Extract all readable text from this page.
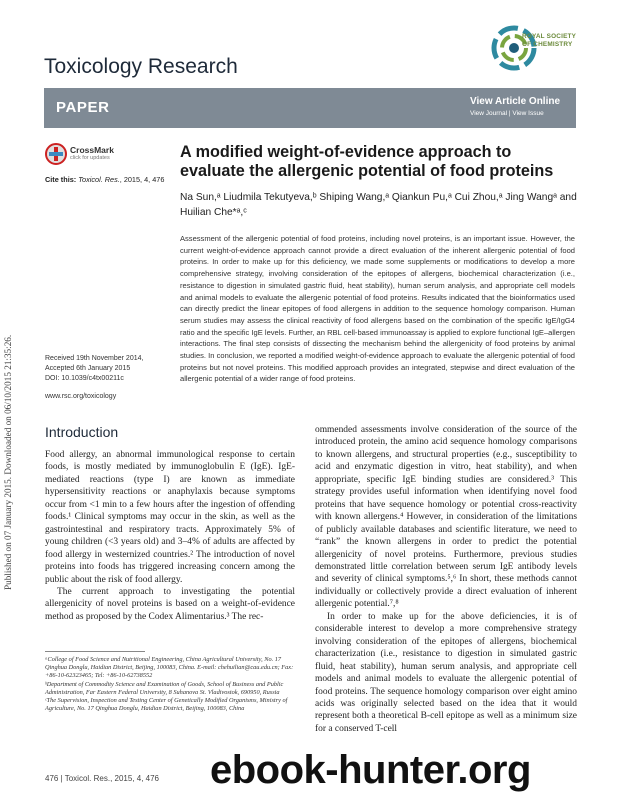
Published on 07 January 2015. Downloaded on 06/10/2015 21:35:26.
Toxicology Research
ROYAL SOCIETY
OF CHEMISTRY
PAPER	View Article Online
View Journal | View Issue
CrossMark
click for updates
Cite this: Toxicol. Res., 2015, 4, 476
A modified weight-of-evidence approach to evaluate the allergenic potential of food proteins
Na Sun,ᵃ Liudmila Tekutyeva,ᵇ Shiping Wang,ᵃ Qiankun Pu,ᵃ Cui Zhou,ᵃ Jing Wangᵃ and Huilian Che*ᵃ,ᶜ
Assessment of the allergenic potential of food proteins, including novel proteins, is an important issue. However, the current weight-of-evidence approach cannot provide a direct evaluation of the inherent allergenic potential of food proteins. In order to make up for this deficiency, we made some supplements or modifications to develop a more comprehensive strategy, involving consideration of the epitopes of allergens, biochemical characterization (i.e., resistance to digestion in simulated gastric fluid, heat stability), human serum analysis, and appropriate cell models and animal models to evaluate the allergenic potential of food proteins. Results indicated that the bioinformatics used can directly predict the linear epitopes of food allergens in addition to the sequence homology comparison. Human serum studies may assess the clinical reactivity of food allergens based on the combination of the specific IgE/IgG4 ratio and the specific IgE levels. Further, an RBL cell-based immunoassay is applied to explore functional IgE–allergen interactions. The final step consists of dissecting the mechanism behind the allergenicity of food proteins by animal studies. In conclusion, we reported a modified weight-of-evidence approach to evaluate the allergenic potential of food proteins but not novel proteins. This modified approach provides an integrated, stepwise and direct evaluation of the allergenic potential of a wider range of food proteins.
Received 19th November 2014,
Accepted 6th January 2015
DOI: 10.1039/c4tx00211c
www.rsc.org/toxicology
Introduction

Food allergy, an abnormal immunological response to certain foods, is mostly mediated by immunoglobulin E (IgE). IgE-mediated reactions (type I) are known as immediate hypersensitivity reactions or anaphylaxis because symptoms occur from <1 min to a few hours after the ingestion of offending foods.¹ Clinical symptoms may occur in the skin, as well as the gastrointestinal and respiratory tracts. Approximately 5% of young children (<3 years old) and 3–4% of adults are affected by food allergy in westernized countries.² The introduction of novel proteins into foods has triggered increasing concern among the public about the risk of food allergy.

The current approach to investigating the potential allergenicity of novel proteins is based on a weight-of-evidence method as proposed by the Codex Alimentarius.³ The rec-

ommended assessments involve consideration of the source of the introduced protein, the amino acid sequence homology comparisons to known allergens, and structural properties (e.g., susceptibility to acid and enzymatic digestion in vitro, heat stability), and when appropriate, specific IgE binding studies are considered.³ This strategy provides useful information when identifying novel food proteins that have sequence homology or potential cross-reactivity with known allergens.⁴ However, in consideration of the limitations of publicly available databases and scientific literature, we need to “rank” the known allergens in order to predict the potential allergenicity of novel proteins. Furthermore, previous studies demonstrated little correlation between serum IgE antibody levels and severity of clinical symptoms.⁵,⁶ In short, these methods cannot individually or collectively provide a direct evaluation of inherent allergenic potential.⁷,⁸

In order to make up for the above deficiencies, it is of considerable interest to develop a more comprehensive strategy involving consideration of the epitopes of allergens, biochemical characterization (i.e., resistance to digestion in simulated gastric fluid, heat stability), human serum analysis, and appropriate cell models and animal models to evaluate the allergenic potential of food proteins. The sequence homology comparison over eight amino acids was originally selected based on the idea that it would represent both a theoretical B-cell epitope as well as a minimum size for a conserved T-cell

ᵃCollege of Food Science and Nutritional Engineering, China Agricultural University, No. 17 Qinghua Donglu, Haidian District, Beijing, 100083, China. E-mail: chehuilian@cau.edu.cn; Fax: +86-10-62323465; Tel: +86-10-62738552
ᵇDepartment of Commodity Science and Examination of Goods, School of Business and Public Administration, Far Eastern Federal University, 8 Suhanova St. Vladivostok, 690950, Russia
ᶜThe Supervision, Inspection and Testing Center of Genetically Modified Organisms, Ministry of Agriculture, No. 17 Qinghua Donglu, Haidian District, Beijing, 100083, China
476 | Toxicol. Res., 2015, 4, 476 ebook-hunter.org
